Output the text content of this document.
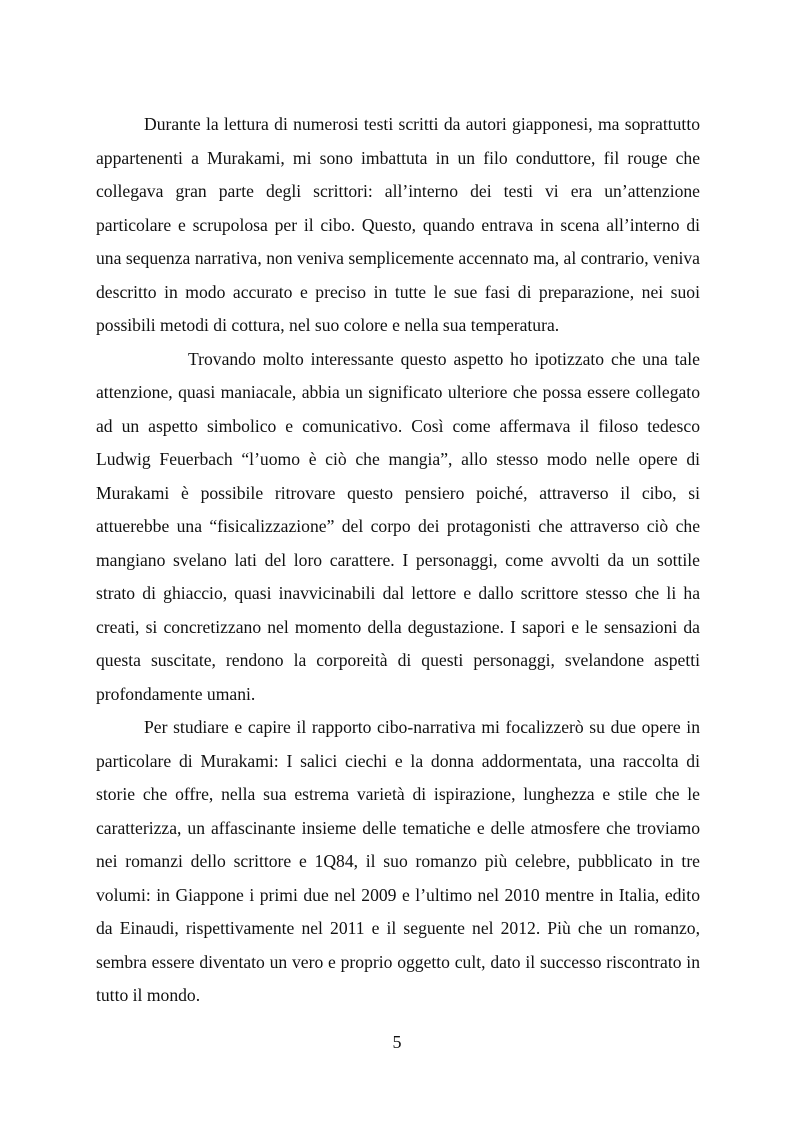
Durante la lettura di numerosi testi scritti da autori giapponesi, ma soprattutto appartenenti a Murakami, mi sono imbattuta in un filo conduttore, fil rouge che collegava gran parte degli scrittori: all’interno dei testi vi era un’attenzione particolare e scrupolosa per il cibo. Questo, quando entrava in scena all’interno di una sequenza narrativa, non veniva semplicemente accennato ma, al contrario, veniva descritto in modo accurato e preciso in tutte le sue fasi di preparazione, nei suoi possibili metodi di cottura, nel suo colore e nella sua temperatura.

Trovando molto interessante questo aspetto ho ipotizzato che una tale attenzione, quasi maniacale, abbia un significato ulteriore che possa essere collegato ad un aspetto simbolico e comunicativo. Così come affermava il filoso tedesco Ludwig Feuerbach “l’uomo è ciò che mangia”, allo stesso modo nelle opere di Murakami è possibile ritrovare questo pensiero poiché, attraverso il cibo, si attuerebbe una “fisicalizzazione” del corpo dei protagonisti che attraverso ciò che mangiano svelano lati del loro carattere. I personaggi, come avvolti da un sottile strato di ghiaccio, quasi inavvicinabili dal lettore e dallo scrittore stesso che li ha creati, si concretizzano nel momento della degustazione. I sapori e le sensazioni da questa suscitate, rendono la corporeità di questi personaggi, svelandone aspetti profondamente umani.

Per studiare e capire il rapporto cibo-narrativa mi focalizzerò su due opere in particolare di Murakami: I salici ciechi e la donna addormentata, una raccolta di storie che offre, nella sua estrema varietà di ispirazione, lunghezza e stile che le caratterizza, un affascinante insieme delle tematiche e delle atmosfere che troviamo nei romanzi dello scrittore e 1Q84, il suo romanzo più celebre, pubblicato in tre volumi: in Giappone i primi due nel 2009 e l’ultimo nel 2010 mentre in Italia, edito da Einaudi, rispettivamente nel 2011 e il seguente nel 2012. Più che un romanzo, sembra essere diventato un vero e proprio oggetto cult, dato il successo riscontrato in tutto il mondo.

5
